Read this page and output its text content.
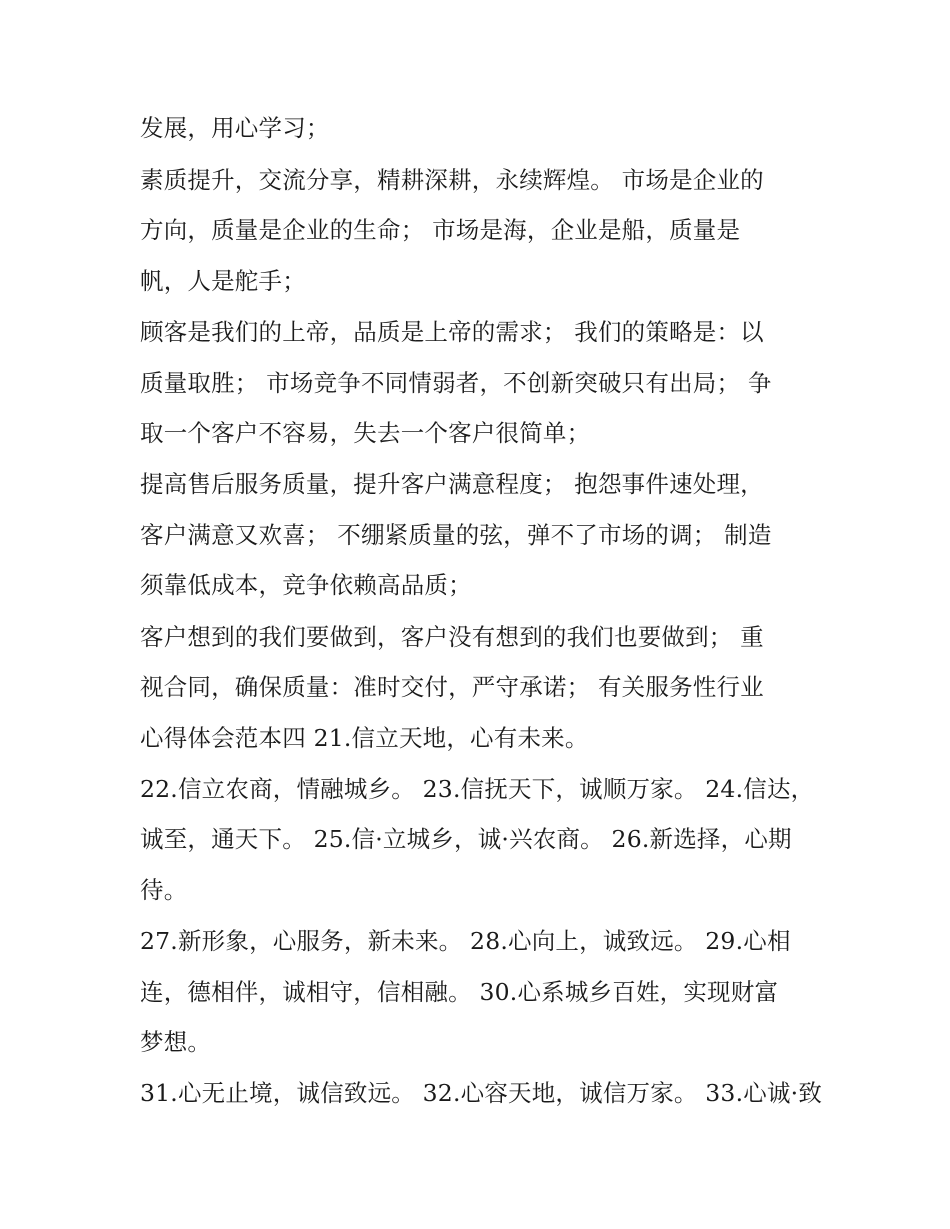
发展，用心学习；
素质提升，交流分享，精耕深耕，永续辉煌。 市场是企业的
方向，质量是企业的生命； 市场是海，企业是船，质量是
帆，人是舵手；
顾客是我们的上帝，品质是上帝的需求； 我们的策略是：以
质量取胜； 市场竞争不同情弱者，不创新突破只有出局； 争
取一个客户不容易，失去一个客户很简单；
提高售后服务质量，提升客户满意程度； 抱怨事件速处理，
客户满意又欢喜； 不绷紧质量的弦，弹不了市场的调； 制造
须靠低成本，竞争依赖高品质；
客户想到的我们要做到，客户没有想到的我们也要做到； 重
视合同，确保质量：准时交付，严守承诺； 有关服务性行业
心得体会范本四 21.信立天地，心有未来。
22.信立农商，情融城乡。 23.信抚天下，诚顺万家。 24.信达，
诚至，通天下。 25.信·立城乡，诚·兴农商。 26.新选择，心期
待。
27.新形象，心服务，新未来。 28.心向上，诚致远。 29.心相
连，德相伴，诚相守，信相融。 30.心系城乡百姓，实现财富
梦想。
31.心无止境，诚信致远。 32.心容天地，诚信万家。 33.心诚·致
